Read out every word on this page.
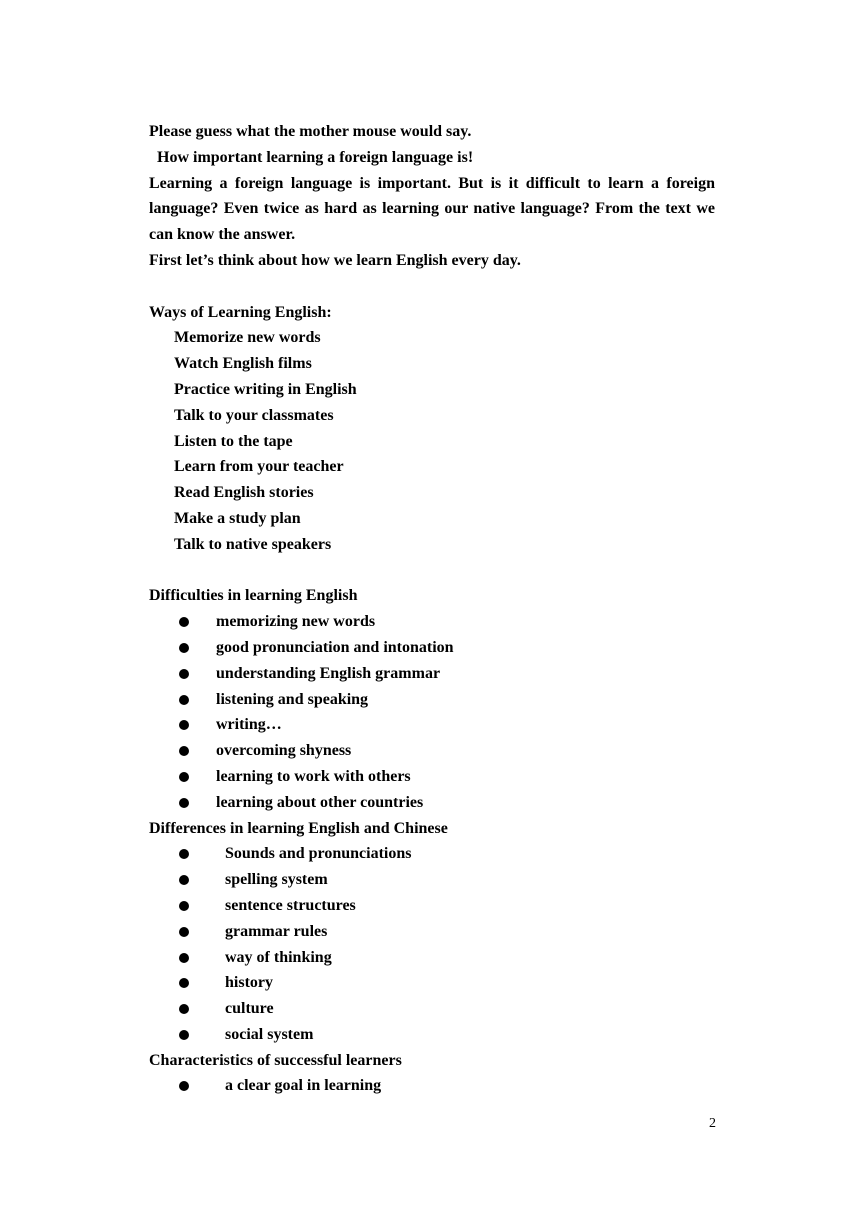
Please guess what the mother mouse would say.

How important learning a foreign language is!

Learning a foreign language is important. But is it difficult to learn a foreign language? Even twice as hard as learning our native language? From the text we can know the answer.

First let’s think about how we learn English every day.

Ways of Learning English:

Memorize new words
Watch English films
Practice writing in English
Talk to your classmates
Listen to the tape
Learn from your teacher
Read English stories
Make a study plan
Talk to native speakers

Difficulties in learning English

memorizing new words
good pronunciation and intonation
understanding English grammar
listening and speaking
writing…
overcoming shyness
learning to work with others
learning about other countries

Differences in learning English and Chinese

Sounds and pronunciations
spelling system
sentence structures
grammar rules
way of thinking
history
culture
social system

Characteristics of successful learners

a clear goal in learning
2
